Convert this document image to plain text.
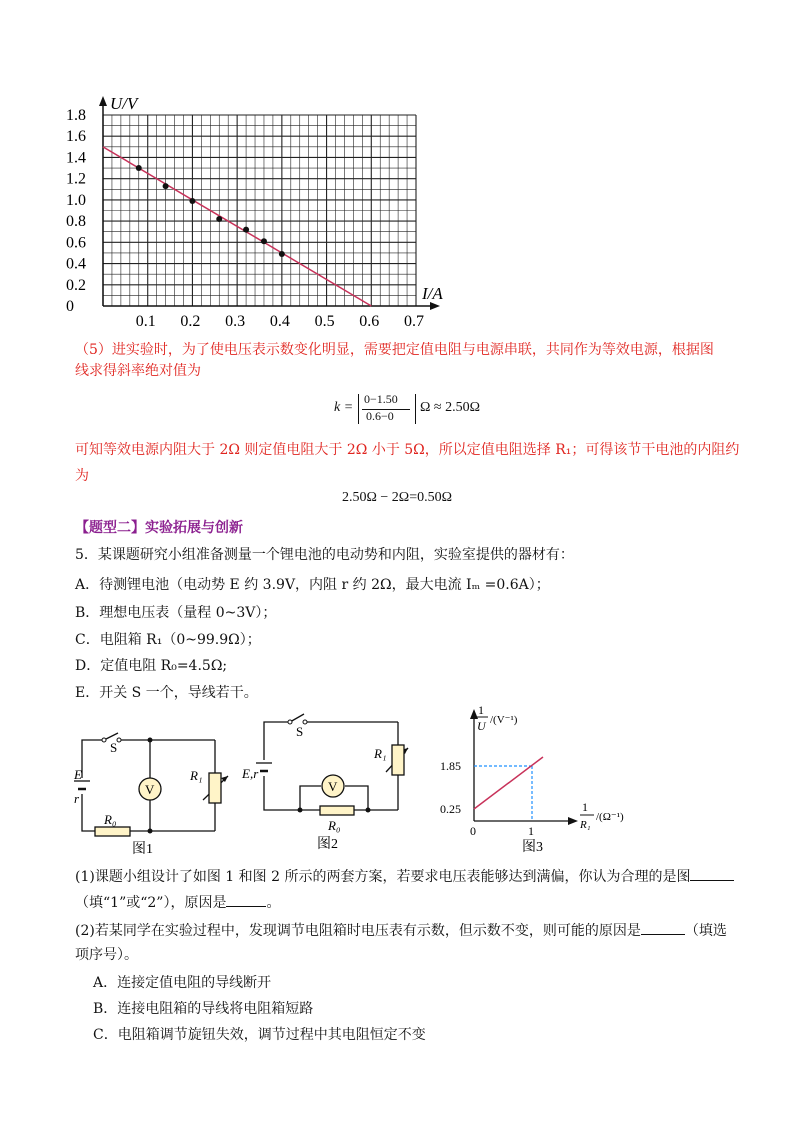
U/V
I/A
1.8
1.6
1.4
1.2
1.0
0.8
0.6
0.4
0.2
0
0.1 0.2 0.3 0.4 0.5 0.6 0.7
（5）进实验时，为了使电压表示数变化明显，需要把定值电阻与电源串联，共同作为等效电源，根据图
线求得斜率绝对值为
k =
0−1.50
0.6−0
Ω ≈ 2.50Ω
可知等效电源内阻大于 2Ω 则定值电阻大于 2Ω 小于 5Ω，所以定值电阻选择 R₁；可得该节干电池的内阻约
为
2.50Ω − 2Ω=0.50Ω
【题型二】实验拓展与创新
5．某课题研究小组准备测量一个锂电池的电动势和内阻，实验室提供的器材有：
A．待测锂电池（电动势 E 约 3.9V，内阻 r 约 2Ω，最大电流 Iₘ =0.6A）；
B．理想电压表（量程 0~3V）；
C．电阻箱 R₁（0~99.9Ω）；
D．定值电阻 R₀=4.5Ω;
E．开关 S 一个，导线若干。
V
S
E
r
R₁
R₀
图1
V
S
E,r
R₁
R₀
图2
1
U /(V⁻¹)
1.85
0.25
0	1
1
R₁
/(Ω⁻¹)
图3
(1)课题小组设计了如图 1 和图 2 所示的两套方案，若要求电压表能够达到满偏，你认为合理的是图
（填“1”或“2”），原因是	。
(2)若某同学在实验过程中，发现调节电阻箱时电压表有示数，但示数不变，则可能的原因是	（填选
项序号）。
A．连接定值电阻的导线断开
B．连接电阻箱的导线将电阻箱短路
C．电阻箱调节旋钮失效，调节过程中其电阻恒定不变
